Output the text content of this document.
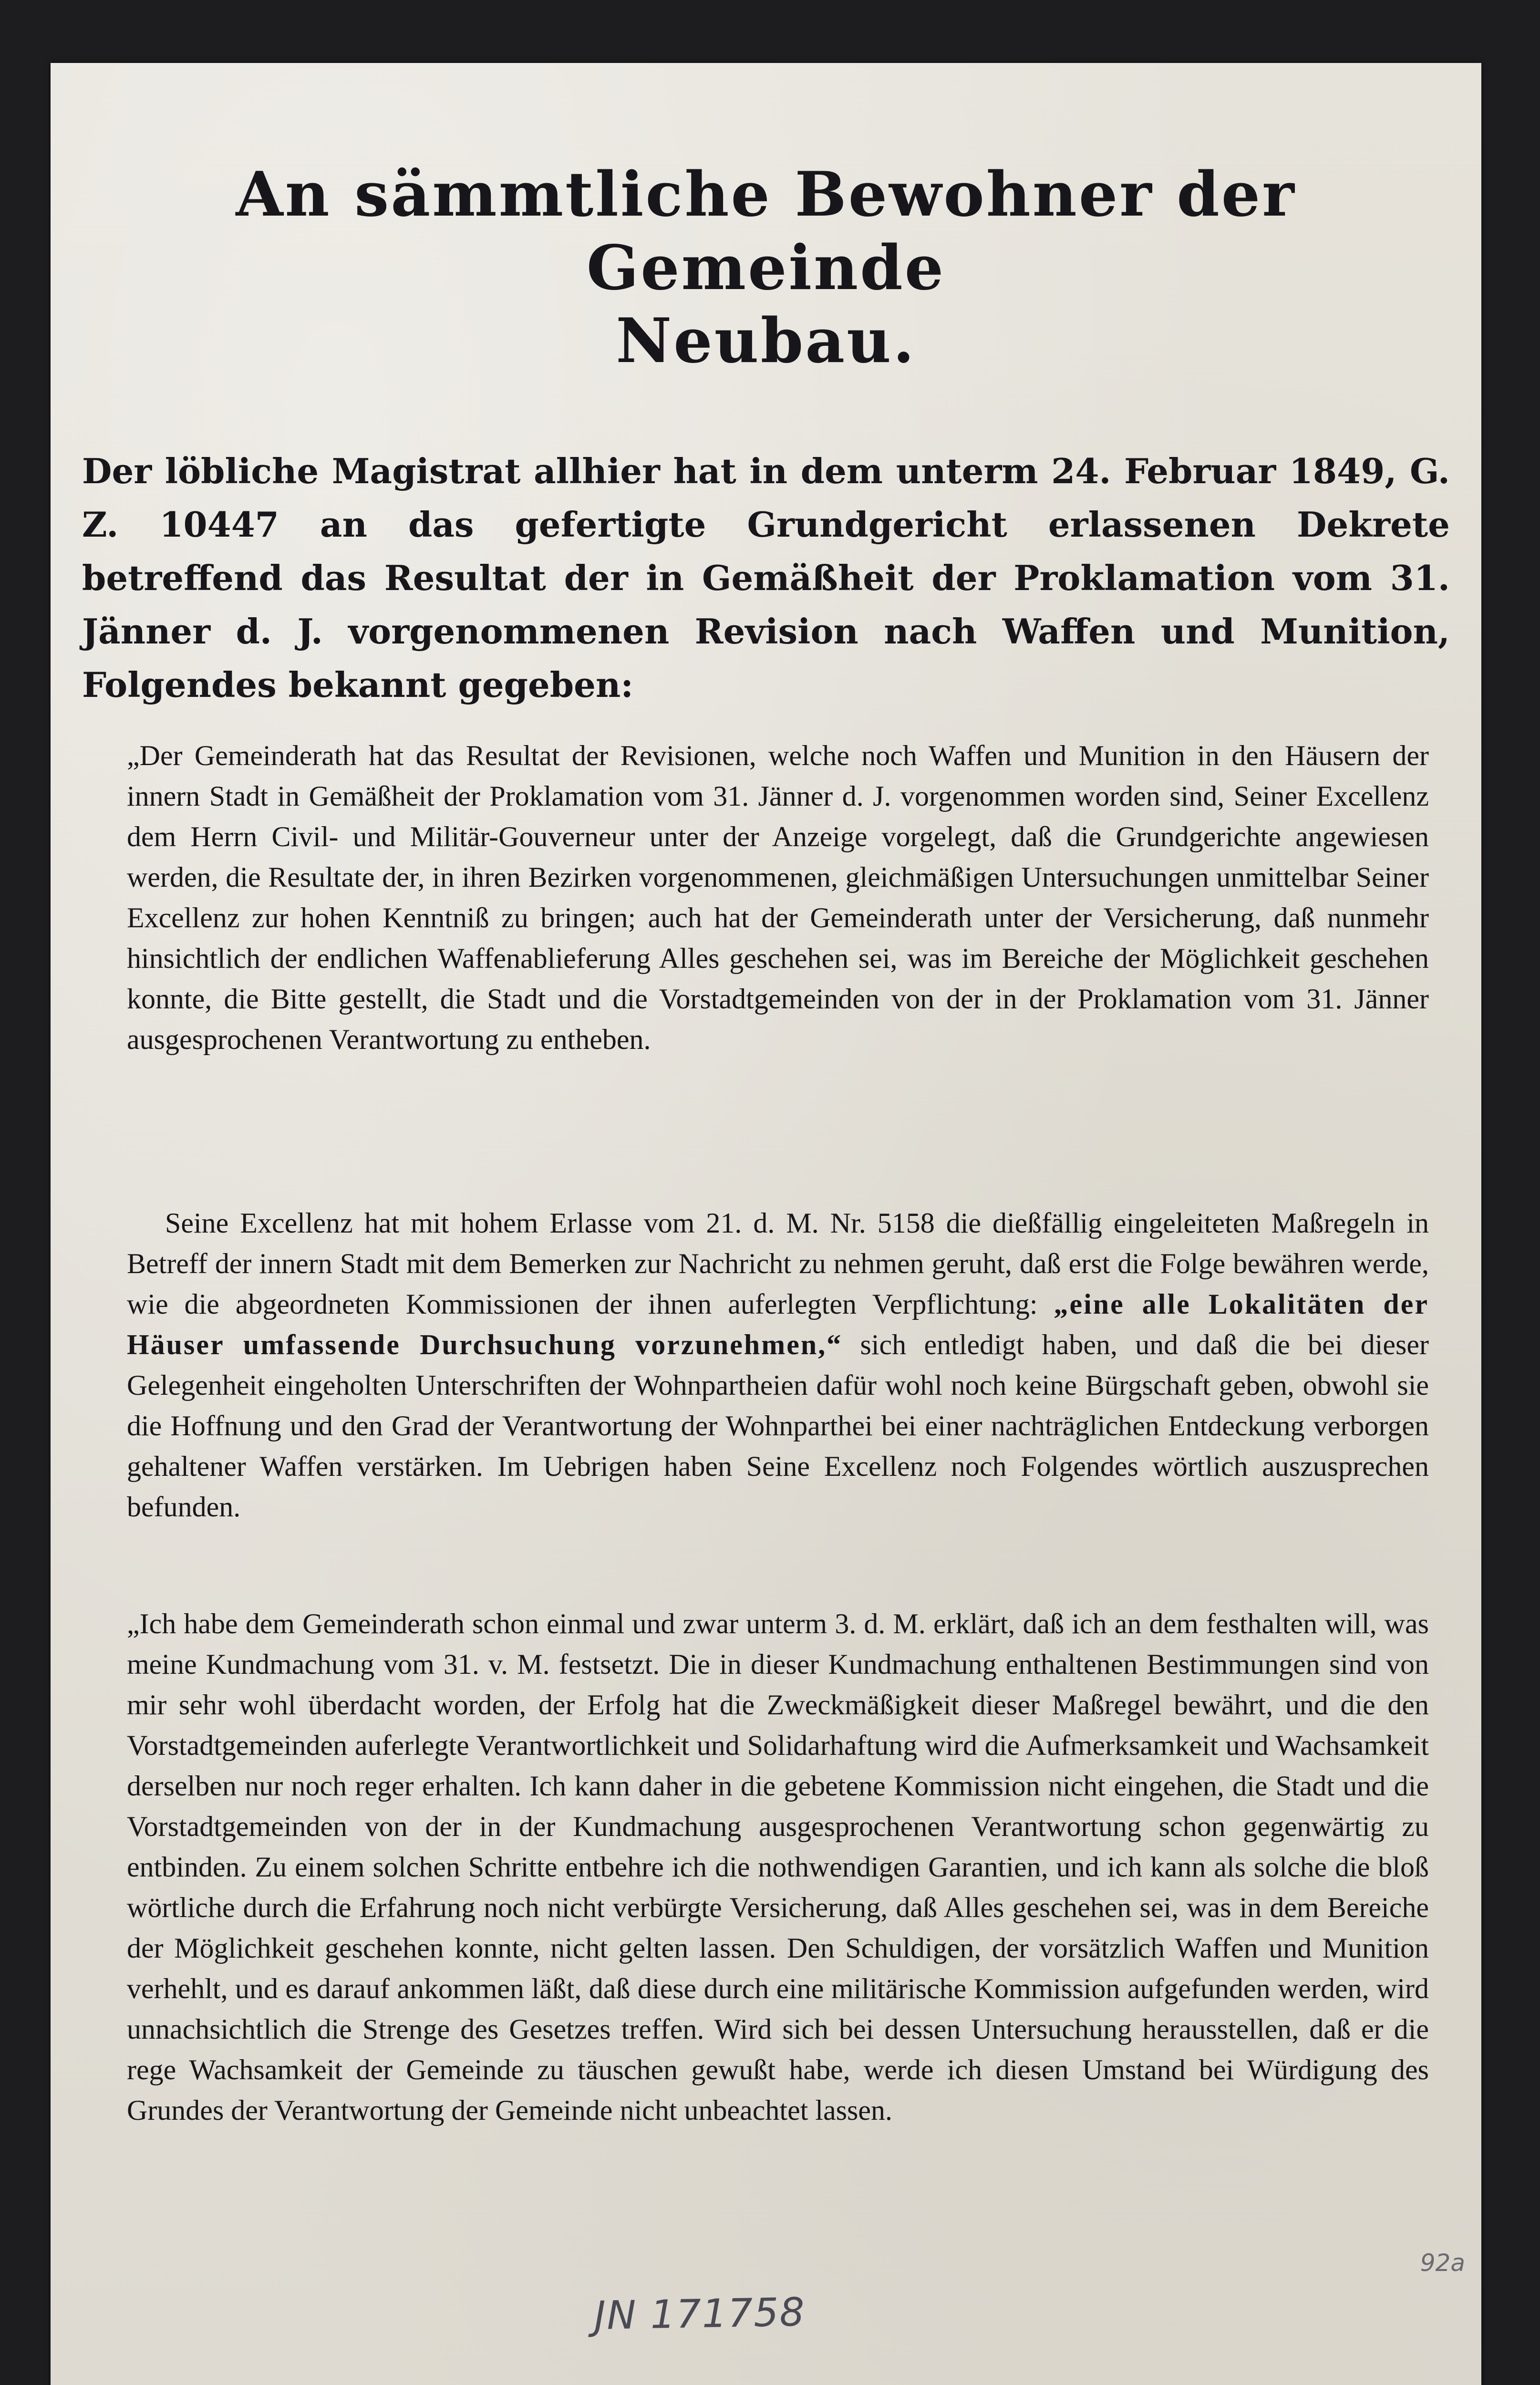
An sämmtliche Bewohner der Gemeinde
Neubau.

Der löbliche Magistrat allhier hat in dem unterm 24. Februar 1849, G. Z. 10447 an das gefertigte Grundgericht erlassenen Dekrete betreffend das Resultat der in Gemäßheit der Proklamation vom 31. Jänner d. J. vorgenommenen Revision nach Waffen und Munition, Folgendes bekannt gegeben:

„Der Gemeinderath hat das Resultat der Revisionen, welche noch Waffen und Munition in den Häusern der innern Stadt in Gemäßheit der Proklamation vom 31. Jänner d. J. vorgenommen worden sind, Seiner Excellenz dem Herrn Civil- und Militär-Gouverneur unter der Anzeige vorgelegt, daß die Grundgerichte angewiesen werden, die Resultate der, in ihren Bezirken vorgenommenen, gleichmäßigen Untersuchungen unmittelbar Seiner Excellenz zur hohen Kenntniß zu bringen; auch hat der Gemeinderath unter der Versicherung, daß nunmehr hinsichtlich der endlichen Waffenablieferung Alles geschehen sei, was im Bereiche der Möglichkeit geschehen konnte, die Bitte gestellt, die Stadt und die Vorstadtgemeinden von der in der Proklamation vom 31. Jänner ausgesprochenen Verantwortung zu entheben.

Seine Excellenz hat mit hohem Erlasse vom 21. d. M. Nr. 5158 die dießfällig eingeleiteten Maßregeln in Betreff der innern Stadt mit dem Bemerken zur Nachricht zu nehmen geruht, daß erst die Folge bewähren werde, wie die abgeordneten Kommissionen der ihnen auferlegten Verpflichtung: „eine alle Lokalitäten der Häuser umfassende Durchsuchung vorzunehmen,“ sich entledigt haben, und daß die bei dieser Gelegenheit eingeholten Unterschriften der Wohnpartheien dafür wohl noch keine Bürgschaft geben, obwohl sie die Hoffnung und den Grad der Verantwortung der Wohnparthei bei einer nachträglichen Entdeckung verborgen gehaltener Waffen verstärken. Im Uebrigen haben Seine Excellenz noch Folgendes wörtlich auszusprechen befunden.

„Ich habe dem Gemeinderath schon einmal und zwar unterm 3. d. M. erklärt, daß ich an dem festhalten will, was meine Kundmachung vom 31. v. M. festsetzt. Die in dieser Kundmachung enthaltenen Bestimmungen sind von mir sehr wohl überdacht worden, der Erfolg hat die Zweckmäßigkeit dieser Maßregel bewährt, und die den Vorstadtgemeinden auferlegte Verantwortlichkeit und Solidarhaftung wird die Aufmerksamkeit und Wachsamkeit derselben nur noch reger erhalten. Ich kann daher in die gebetene Kommission nicht eingehen, die Stadt und die Vorstadtgemeinden von der in der Kundmachung ausgesprochenen Verantwortung schon gegenwärtig zu entbinden. Zu einem solchen Schritte entbehre ich die nothwendigen Garantien, und ich kann als solche die bloß wörtliche durch die Erfahrung noch nicht verbürgte Versicherung, daß Alles geschehen sei, was in dem Bereiche der Möglichkeit geschehen konnte, nicht gelten lassen. Den Schuldigen, der vorsätzlich Waffen und Munition verhehlt, und es darauf ankommen läßt, daß diese durch eine militärische Kommission aufgefunden werden, wird unnachsichtlich die Strenge des Gesetzes treffen. Wird sich bei dessen Untersuchung herausstellen, daß er die rege Wachsamkeit der Gemeinde zu täuschen gewußt habe, werde ich diesen Umstand bei Würdigung des Grundes der Verantwortung der Gemeinde nicht unbeachtet lassen.

JN 171758
92a
